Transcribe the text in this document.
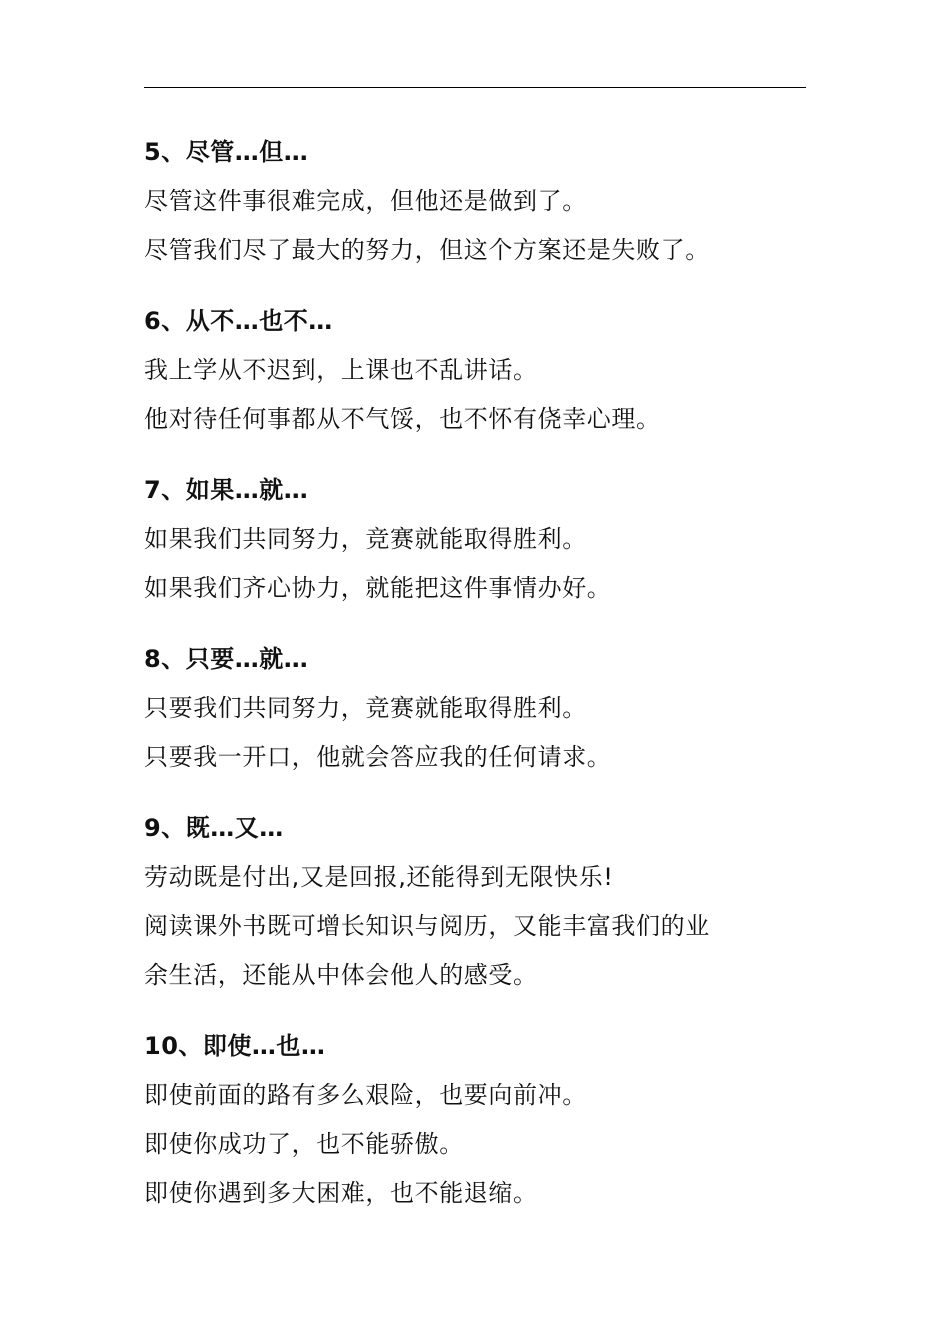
5、尽管…但…
尽管这件事很难完成，但他还是做到了。
尽管我们尽了最大的努力，但这个方案还是失败了。
6、从不…也不…
我上学从不迟到，上课也不乱讲话。
他对待任何事都从不气馁，也不怀有侥幸心理。
7、如果…就…
如果我们共同努力，竞赛就能取得胜利。
如果我们齐心协力，就能把这件事情办好。
8、只要…就…
只要我们共同努力，竞赛就能取得胜利。
只要我一开口，他就会答应我的任何请求。
9、既…又…
劳动既是付出,又是回报,还能得到无限快乐!
阅读课外书既可增长知识与阅历，又能丰富我们的业
余生活，还能从中体会他人的感受。
10、即使…也…
即使前面的路有多么艰险，也要向前冲。
即使你成功了，也不能骄傲。
即使你遇到多大困难，也不能退缩。
